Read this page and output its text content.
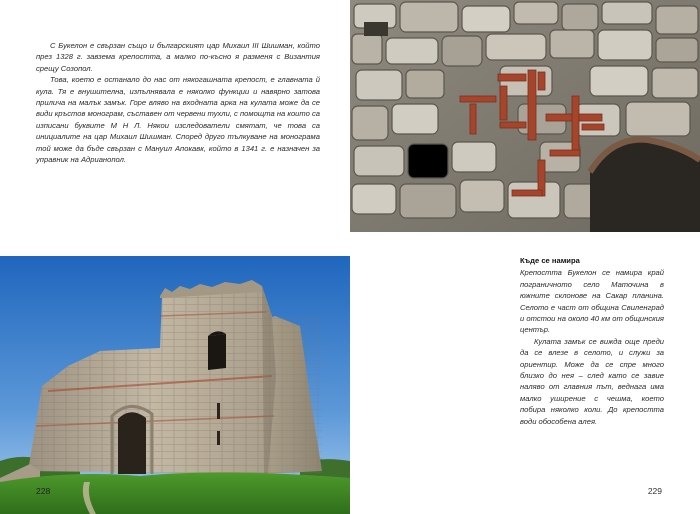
С Букелон е свързан също и българският цар Михаил III Шишман, който през 1328 г. завзема крепостта, а малко по-късно я разменя с Византия срещу Созопол.

Това, което е останало до нас от някогашната крепост, е главната й кула. Тя е внушителна, изпълнявала е няколко функции и навярно затова прилича на малък замък. Горе вляво на входната арка на кулата може да се види кръстов монограм, съставен от червени тухли, с помощта на които са изписани буквите М Н Л. Някои изследователи смятат, че това са инициалите на цар Михаил Шишман. Според друго тълкуване на монограма той може да бъде свързан с Мануил Апокавк, който в 1341 г. е назначен за управник на Адрианопол.

228
Къде се намира

Крепостта Букелон се намира край пограничното село Маточина в южните склонове на Сакар планина. Селото е част от община Свиленград и отстои на около 40 км от общинския център.

Кулата замък се вижда още преди да се влезе в селото, и служи за ориентир. Може да се спре много близко до нея – след като се завие наляво от главния път, веднага има малко уширение с чешма, което побира няколко коли. До крепостта води обособена алея.

229
